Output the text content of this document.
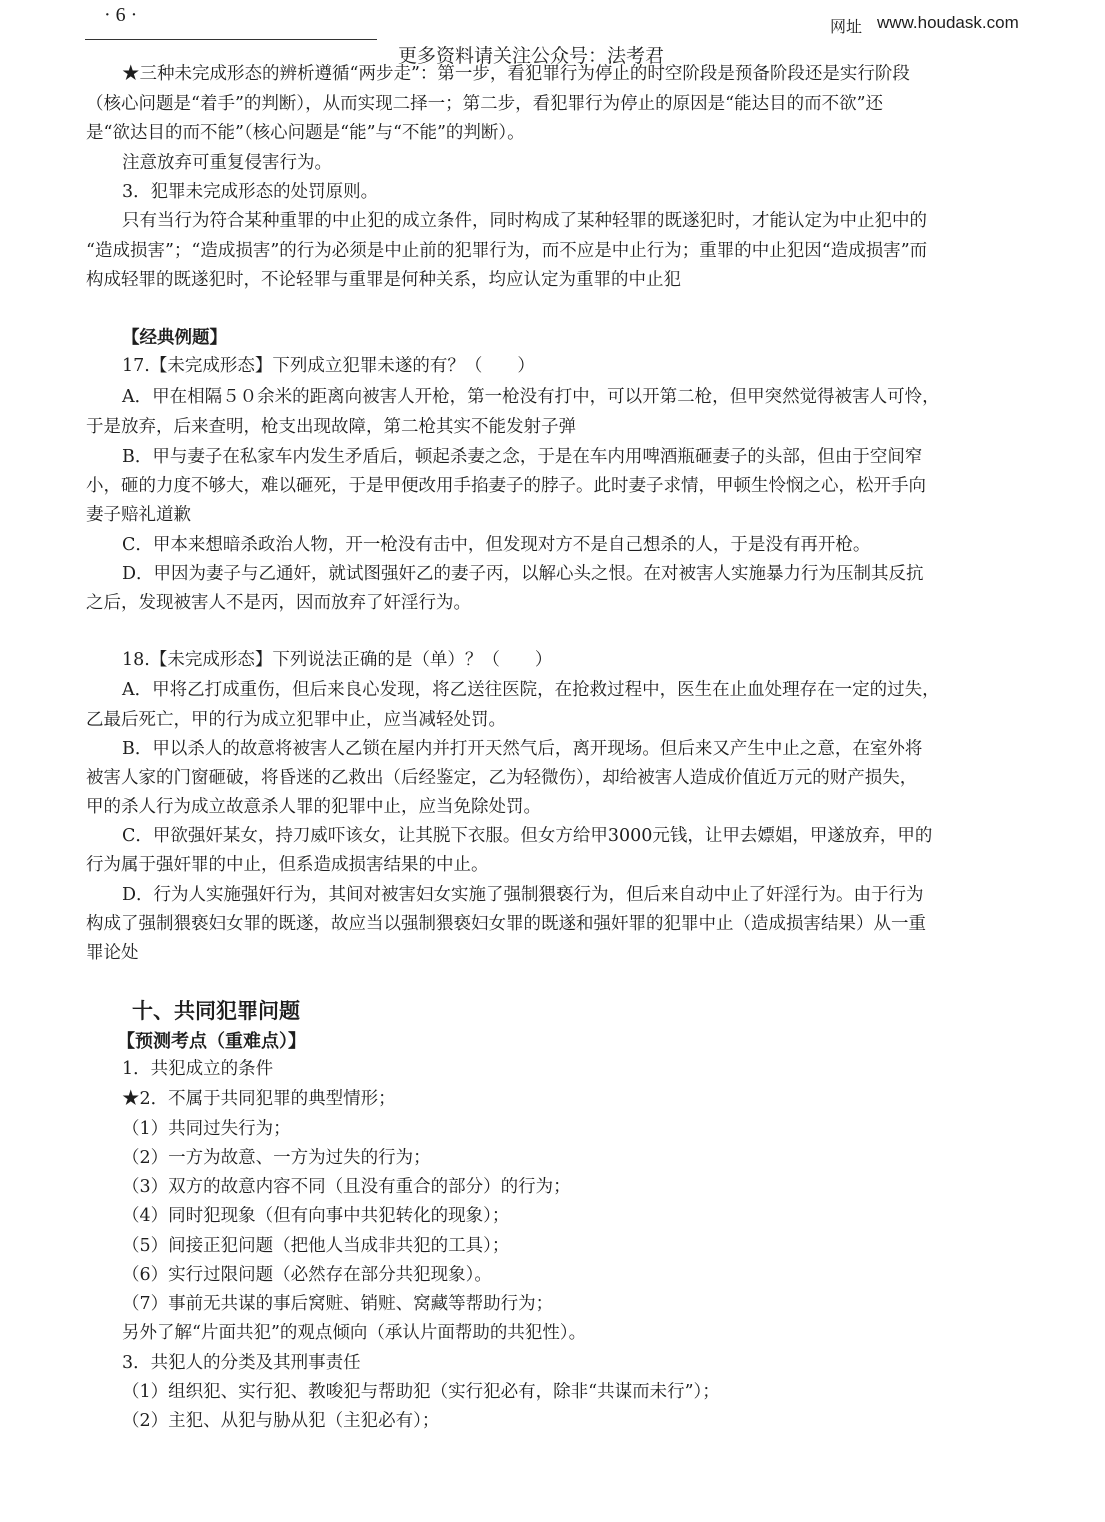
· 6 ·
网址 www.houdask.com
更多资料请关注公众号：法考君
★三种未完成形态的辨析遵循“两步走”：第一步，看犯罪行为停止的时空阶段是预备阶段还是实行阶段
（核心问题是“着手”的判断），从而实现二择一；第二步，看犯罪行为停止的原因是“能达目的而不欲”还
是“欲达目的而不能”（核心问题是“能”与“不能”的判断）。
注意放弃可重复侵害行为。
3．犯罪未完成形态的处罚原则。
只有当行为符合某种重罪的中止犯的成立条件，同时构成了某种轻罪的既遂犯时，才能认定为中止犯中的
“造成损害”；“造成损害”的行为必须是中止前的犯罪行为，而不应是中止行为；重罪的中止犯因“造成损害”而
构成轻罪的既遂犯时，不论轻罪与重罪是何种关系，均应认定为重罪的中止犯
【经典例题】
17.【未完成形态】下列成立犯罪未遂的有？（　　）
A．甲在相隔５０余米的距离向被害人开枪，第一枪没有打中，可以开第二枪，但甲突然觉得被害人可怜，
于是放弃，后来查明，枪支出现故障，第二枪其实不能发射子弹
B．甲与妻子在私家车内发生矛盾后，顿起杀妻之念，于是在车内用啤酒瓶砸妻子的头部，但由于空间窄
小，砸的力度不够大，难以砸死，于是甲便改用手掐妻子的脖子。此时妻子求情，甲顿生怜悯之心，松开手向
妻子赔礼道歉
C．甲本来想暗杀政治人物，开一枪没有击中，但发现对方不是自己想杀的人，于是没有再开枪。
D．甲因为妻子与乙通奸，就试图强奸乙的妻子丙，以解心头之恨。在对被害人实施暴力行为压制其反抗
之后，发现被害人不是丙，因而放弃了奸淫行为。
18.【未完成形态】下列说法正确的是（单）？（　　）
A．甲将乙打成重伤，但后来良心发现，将乙送往医院，在抢救过程中，医生在止血处理存在一定的过失，
乙最后死亡，甲的行为成立犯罪中止，应当减轻处罚。
B．甲以杀人的故意将被害人乙锁在屋内并打开天然气后，离开现场。但后来又产生中止之意，在室外将
被害人家的门窗砸破，将昏迷的乙救出（后经鉴定，乙为轻微伤），却给被害人造成价值近万元的财产损失，
甲的杀人行为成立故意杀人罪的犯罪中止，应当免除处罚。
C．甲欲强奸某女，持刀威吓该女，让其脱下衣服。但女方给甲3000元钱，让甲去嫖娼，甲遂放弃，甲的
行为属于强奸罪的中止，但系造成损害结果的中止。
D．行为人实施强奸行为，其间对被害妇女实施了强制猥亵行为，但后来自动中止了奸淫行为。由于行为
构成了强制猥亵妇女罪的既遂，故应当以强制猥亵妇女罪的既遂和强奸罪的犯罪中止（造成损害结果）从一重
罪论处
十、共同犯罪问题
【预测考点（重难点）】
1．共犯成立的条件
★2．不属于共同犯罪的典型情形；
（1）共同过失行为；
（2）一方为故意、一方为过失的行为；
（3）双方的故意内容不同（且没有重合的部分）的行为；
（4）同时犯现象（但有向事中共犯转化的现象）；
（5）间接正犯问题（把他人当成非共犯的工具）；
（6）实行过限问题（必然存在部分共犯现象）。
（7）事前无共谋的事后窝赃、销赃、窝藏等帮助行为；
另外了解“片面共犯”的观点倾向（承认片面帮助的共犯性）。
3．共犯人的分类及其刑事责任
（1）组织犯、实行犯、教唆犯与帮助犯（实行犯必有，除非“共谋而未行”）；
（2）主犯、从犯与胁从犯（主犯必有）；
